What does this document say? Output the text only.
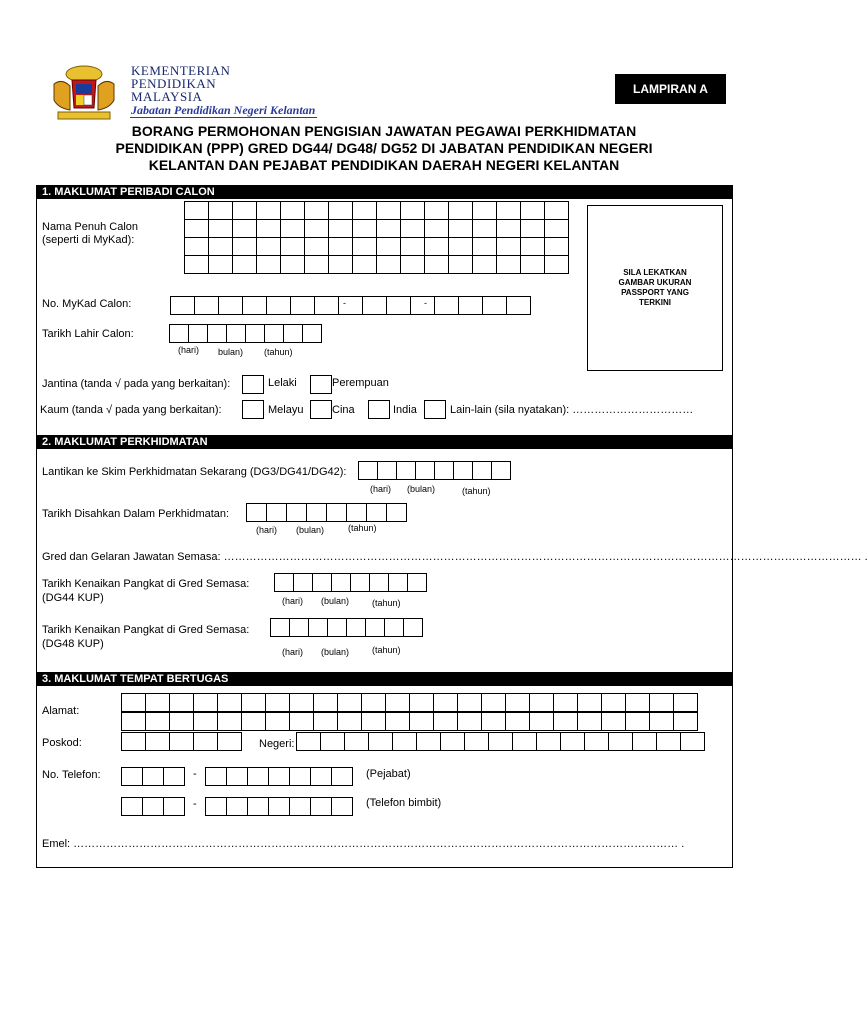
KEMENTERIAN
PENDIDIKAN
MALAYSIA
Jabatan Pendidikan Negeri Kelantan
LAMPIRAN A
BORANG PERMOHONAN PENGISIAN JAWATAN PEGAWAI PERKHIDMATAN
PENDIDIKAN (PPP) GRED DG44/ DG48/ DG52 DI JABATAN PENDIDIKAN NEGERI
KELANTAN DAN PEJABAT PENDIDIKAN DAERAH NEGERI KELANTAN
1. MAKLUMAT PERIBADI CALON
Nama Penuh Calon
(seperti di MyKad):
SILA LEKATKAN GAMBAR UKURAN PASSPORT YANG TERKINI
No. MyKad Calon:	-	-
Tarikh Lahir Calon:
(hari) bulan) (tahun)
Jantina (tanda √ pada yang berkaitan):	Lelaki	Perempuan
Kaum (tanda √ pada yang berkaitan):	Melayu	Cina	India	Lain-lain (sila nyatakan): ……………………………
2. MAKLUMAT PERKHIDMATAN
Lantikan ke Skim Perkhidmatan Sekarang (DG3/DG41/DG42):
(hari) (bulan)	(tahun)
Tarikh Disahkan Dalam Perkhidmatan:
(hari) (bulan)	(tahun)
Gred dan Gelaran Jawatan Semasa: ………………………………………………………………………………………………………………………………………………………… .
Tarikh Kenaikan Pangkat di Gred Semasa:
(DG44 KUP)	(hari) (bulan)	(tahun)
Tarikh Kenaikan Pangkat di Gred Semasa:
(DG48 KUP)
(hari) (bulan)	(tahun)
3. MAKLUMAT TEMPAT BERTUGAS
Alamat:
Poskod:	Negeri:
No. Telefon:	-	(Pejabat)
-	(Telefon bimbit)
Emel: ………………………………………………………………………………………………………………………………………………… .
